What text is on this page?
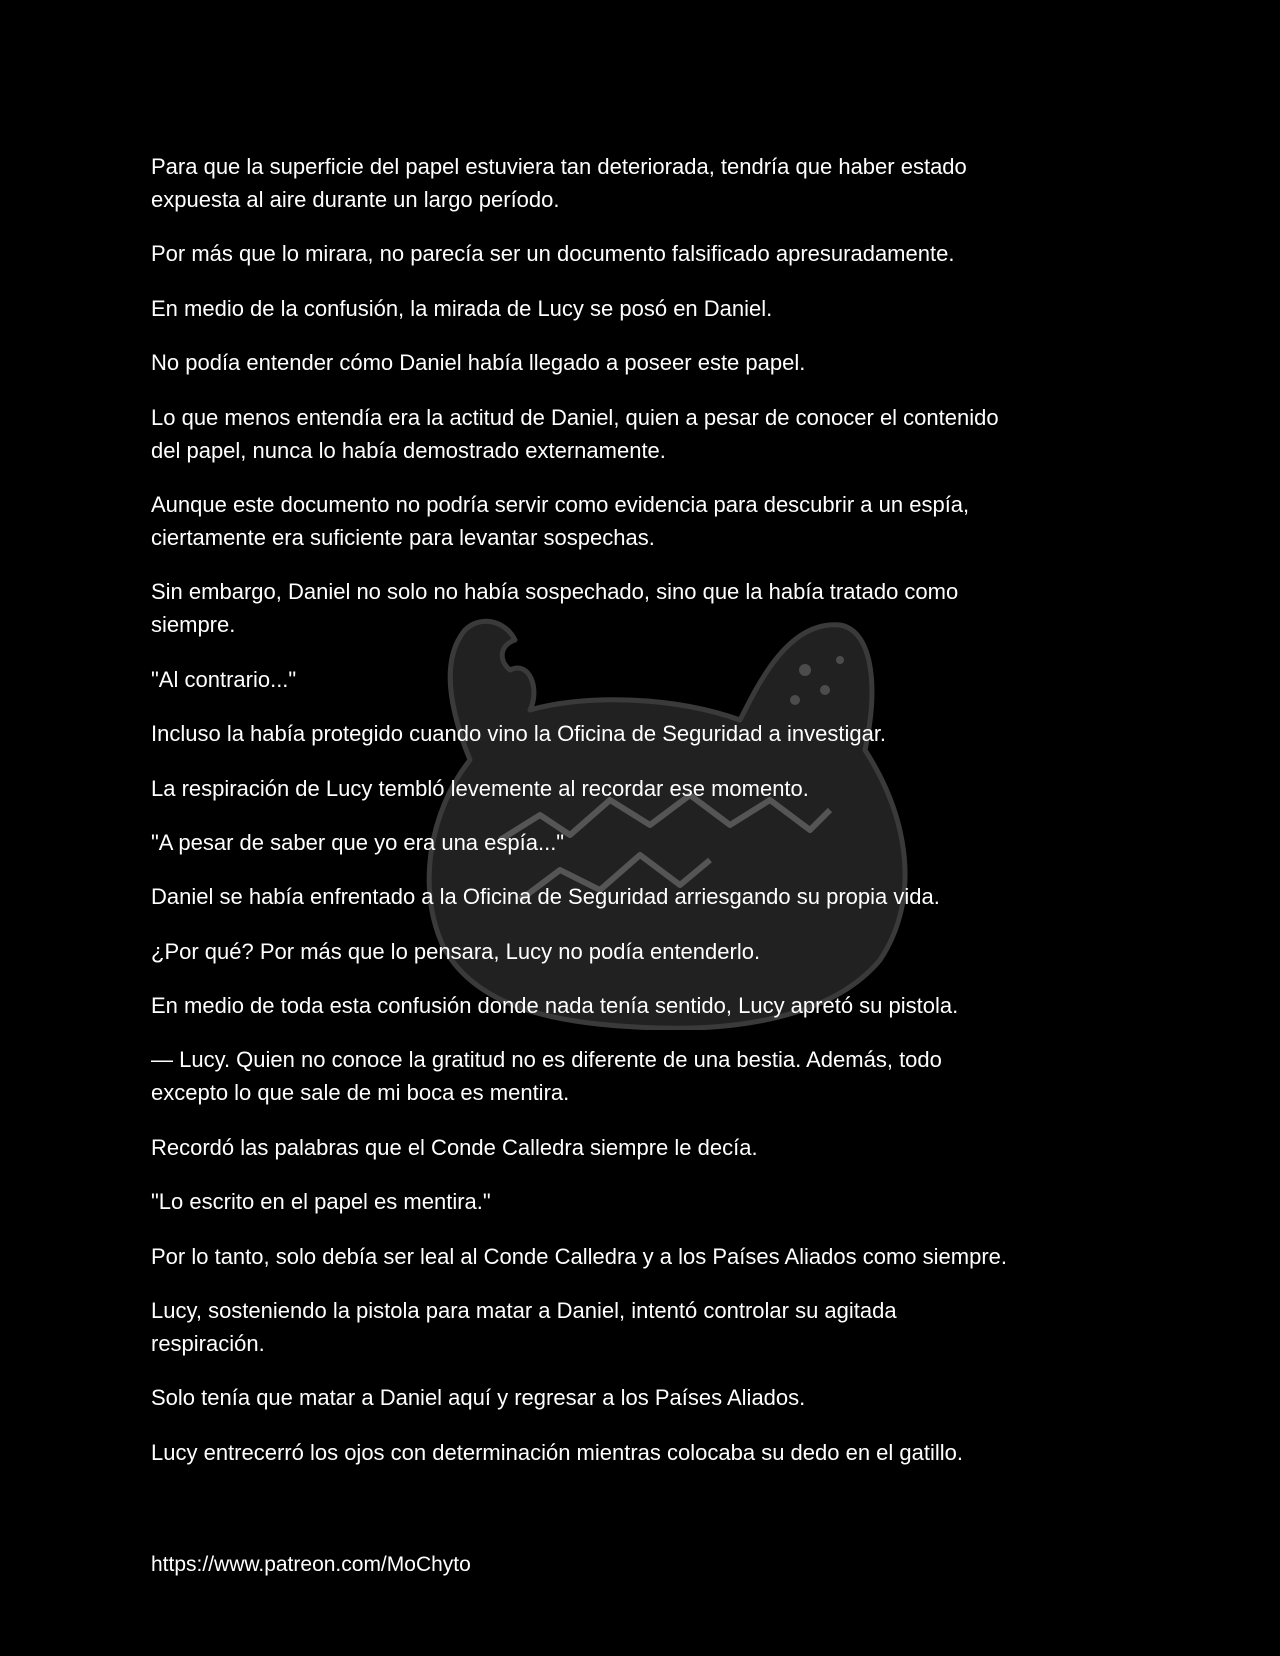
Para que la superficie del papel estuviera tan deteriorada, tendría que haber estado
expuesta al aire durante un largo período.

Por más que lo mirara, no parecía ser un documento falsificado apresuradamente.

En medio de la confusión, la mirada de Lucy se posó en Daniel.

No podía entender cómo Daniel había llegado a poseer este papel.

Lo que menos entendía era la actitud de Daniel, quien a pesar de conocer el contenido
del papel, nunca lo había demostrado externamente.

Aunque este documento no podría servir como evidencia para descubrir a un espía,
ciertamente era suficiente para levantar sospechas.

Sin embargo, Daniel no solo no había sospechado, sino que la había tratado como
siempre.

"Al contrario..."

Incluso la había protegido cuando vino la Oficina de Seguridad a investigar.

La respiración de Lucy tembló levemente al recordar ese momento.

"A pesar de saber que yo era una espía..."

Daniel se había enfrentado a la Oficina de Seguridad arriesgando su propia vida.

¿Por qué? Por más que lo pensara, Lucy no podía entenderlo.

En medio de toda esta confusión donde nada tenía sentido, Lucy apretó su pistola.

— Lucy. Quien no conoce la gratitud no es diferente de una bestia. Además, todo
excepto lo que sale de mi boca es mentira.

Recordó las palabras que el Conde Calledra siempre le decía.

"Lo escrito en el papel es mentira."

Por lo tanto, solo debía ser leal al Conde Calledra y a los Países Aliados como siempre.

Lucy, sosteniendo la pistola para matar a Daniel, intentó controlar su agitada
respiración.

Solo tenía que matar a Daniel aquí y regresar a los Países Aliados.

Lucy entrecerró los ojos con determinación mientras colocaba su dedo en el gatillo.

https://www.patreon.com/MoChyto
